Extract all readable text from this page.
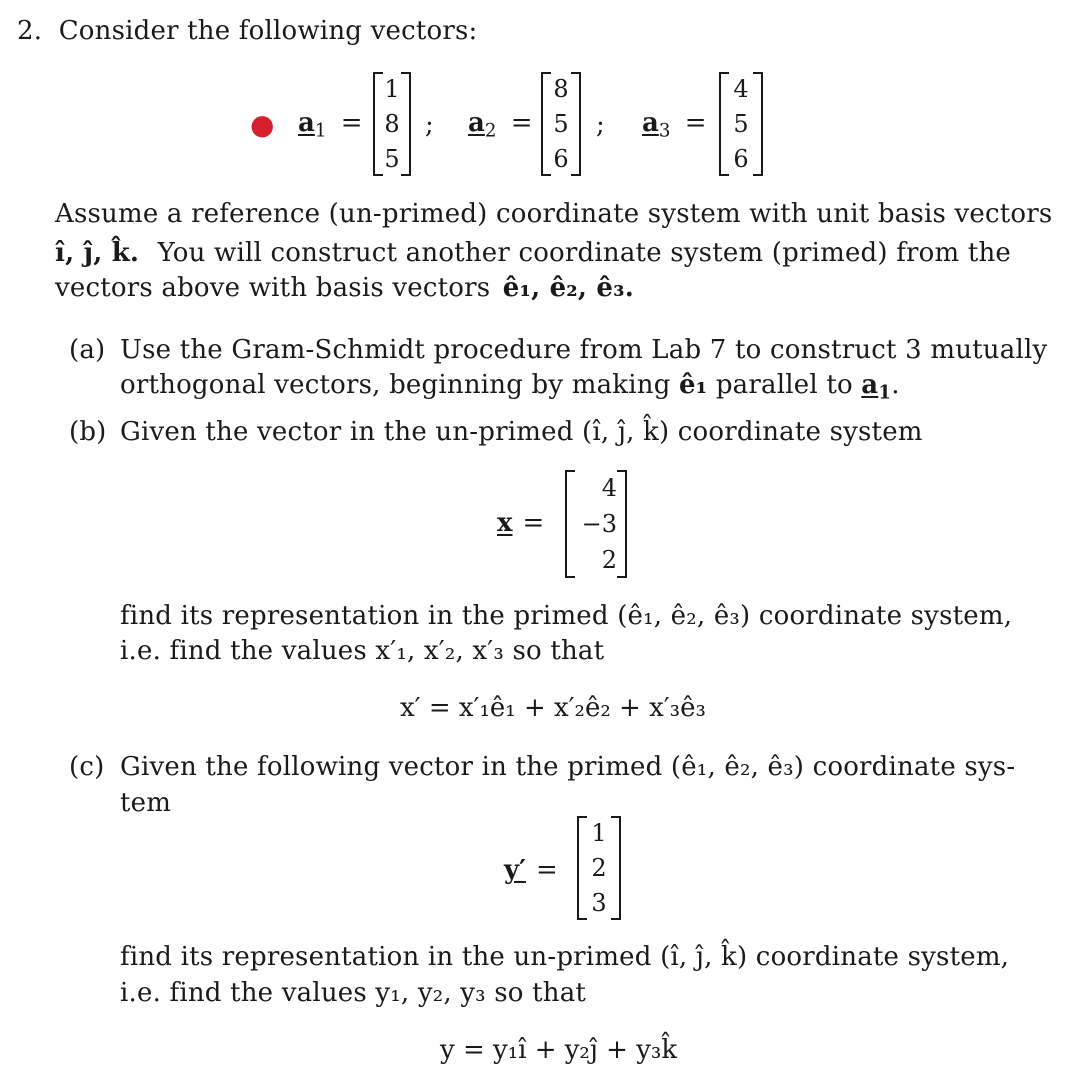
2. Consider the following vectors:
● $a_1$ =
1
8
5
; $a_2$ =
8
5
6
; $a_3$ =
4
5
6
Assume a reference (un-primed) coordinate system with unit basis vectors
î, ĵ, k̂. You will construct another coordinate system (primed) from the
vectors above with basis vectors ê₁, ê₂, ê₃.
(a) Use the Gram-Schmidt procedure from Lab 7 to construct 3 mutually
orthogonal vectors, beginning by making ê₁ parallel to $a_1$.
(b) Given the vector in the un-primed (î, ĵ, k̂) coordinate system
x =
4
−3
2
find its representation in the primed (ê₁, ê₂, ê₃) coordinate system,
i.e. find the values x′₁, x′₂, x′₃ so that
x′ = x′₁ê₁ + x′₂ê₂ + x′₃ê₃
(c) Given the following vector in the primed (ê₁, ê₂, ê₃) coordinate sys-
tem
y′ =
1
2
3
find its representation in the un-primed (î, ĵ, k̂) coordinate system,
i.e. find the values y₁, y₂, y₃ so that
y = y₁î + y₂ĵ + y₃k̂
